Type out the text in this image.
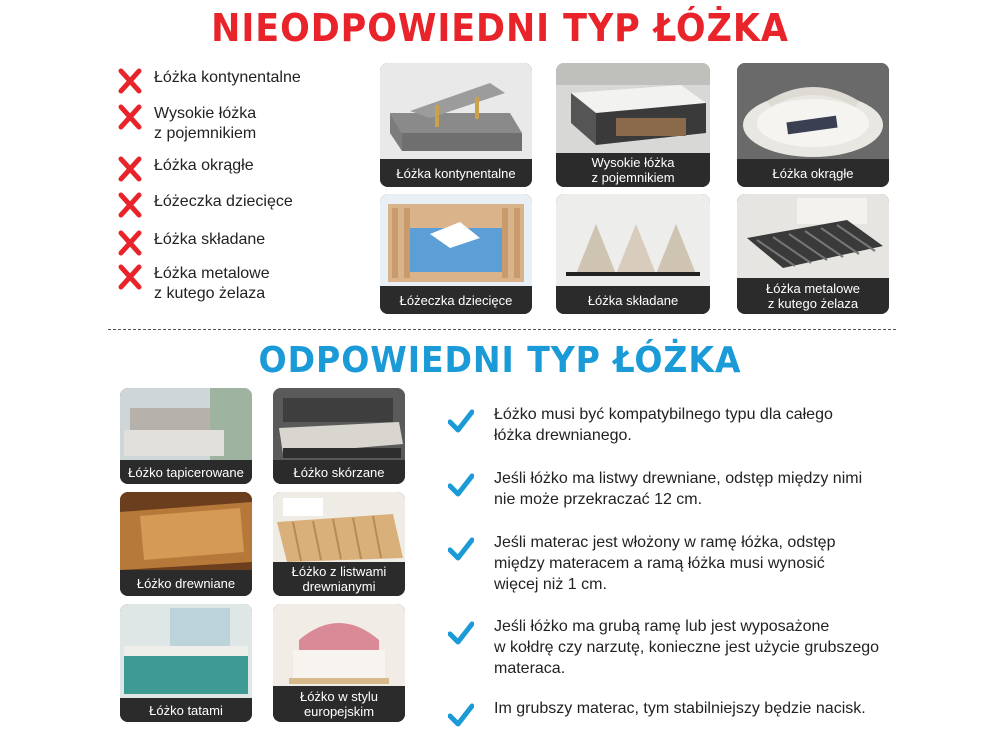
NIEODPOWIEDNI TYP ŁÓŻKA
Łóżka kontynentalne
Wysokie łóżka
z pojemnikiem
Łóżka okrągłe
Łóżeczka dziecięce
Łóżka składane
Łóżka metalowe
z kutego żelaza
Łóżka kontynentalne
Wysokie łóżka
z pojemnikiem	Łóżka okrągłe
Łóżeczka dziecięce	Łóżka składane
Łóżka metalowe
z kutego żelaza
ODPOWIEDNI TYP ŁÓŻKA
Łóżko tapicerowane	Łóżko skórzane
Łóżko drewniane
Łóżko z listwami
drewnianymi
Łóżko tatami
Łóżko w stylu
europejskim
Łóżko musi być kompatybilnego typu dla całego
łóżka drewnianego.
Jeśli łóżko ma listwy drewniane, odstęp między nimi
nie może przekraczać 12 cm.
Jeśli materac jest włożony w ramę łóżka, odstęp
między materacem a ramą łóżka musi wynosić
więcej niż 1 cm.
Jeśli łóżko ma grubą ramę lub jest wyposażone
w kołdrę czy narzutę, konieczne jest użycie grubszego
materaca.
Im grubszy materac, tym stabilniejszy będzie nacisk.
